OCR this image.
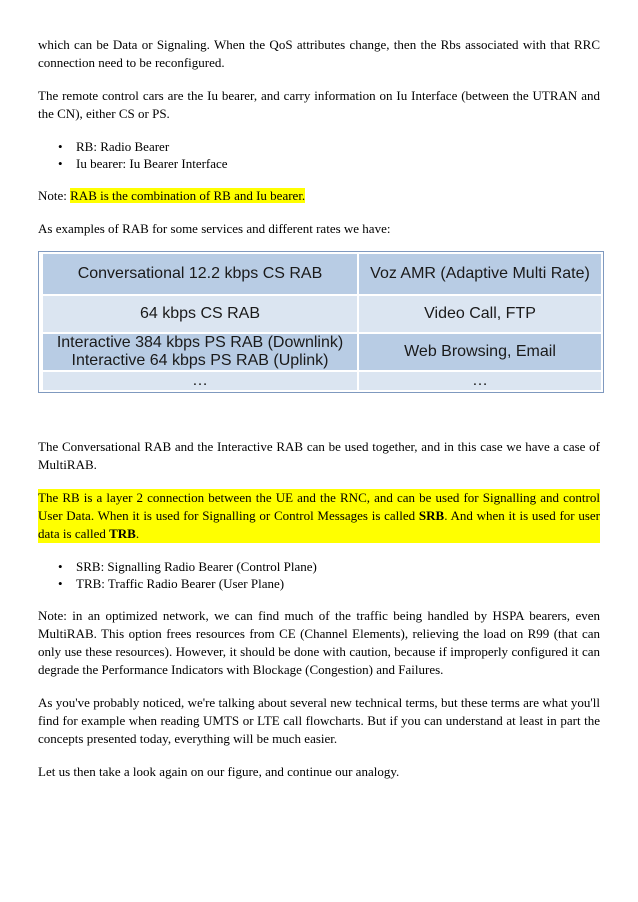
which can be Data or Signaling. When the QoS attributes change, then the Rbs associated with that RRC connection need to be reconfigured.

The remote control cars are the Iu bearer, and carry information on Iu Interface (between the UTRAN and the CN), either CS or PS.

• RB: Radio Bearer
• Iu bearer: Iu Bearer Interface

Note: RAB is the combination of RB and Iu bearer.

As examples of RAB for some services and different rates we have:

Conversational 12.2 kbps CS RAB	Voz AMR (Adaptive Multi Rate)
64 kbps CS RAB	Video Call, FTP

Interactive 384 kbps PS RAB (Downlink)
Interactive 64 kbps PS RAB (Uplink)	Web Browsing, Email
…	…

The Conversational RAB and the Interactive RAB can be used together, and in this case we have a case of MultiRAB.

The RB is a layer 2 connection between the UE and the RNC, and can be used for Signalling and control User Data. When it is used for Signalling or Control Messages is called SRB. And when it is used for user data is called TRB.

• SRB: Signalling Radio Bearer (Control Plane)
• TRB: Traffic Radio Bearer (User Plane)

Note: in an optimized network, we can find much of the traffic being handled by HSPA bearers, even MultiRAB. This option frees resources from CE (Channel Elements), relieving the load on R99 (that can only use these resources). However, it should be done with caution, because if improperly configured it can degrade the Performance Indicators with Blockage (Congestion) and Failures.

As you've probably noticed, we're talking about several new technical terms, but these terms are what you'll find for example when reading UMTS or LTE call flowcharts. But if you can understand at least in part the concepts presented today, everything will be much easier.

Let us then take a look again on our figure, and continue our analogy.
